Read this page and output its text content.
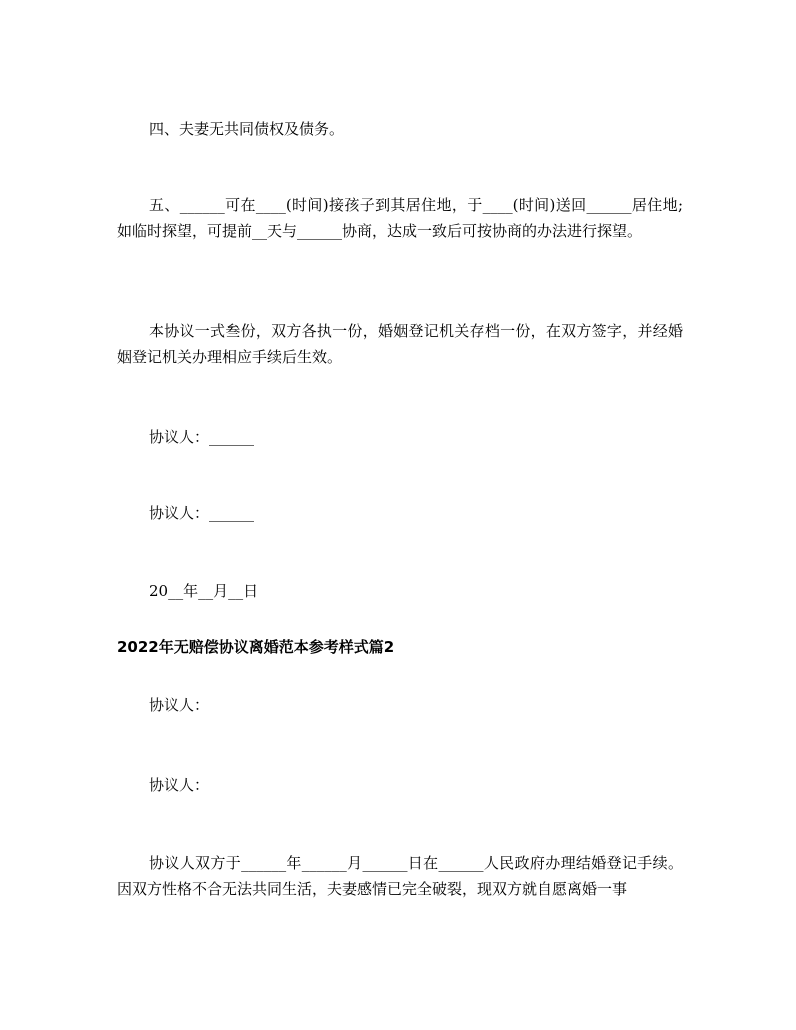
四、夫妻无共同债权及债务。

五、______可在____(时间)接孩子到其居住地，于____(时间)送回______居住地;如临时探望，可提前__天与______协商，达成一致后可按协商的办法进行探望。

本协议一式叁份，双方各执一份，婚姻登记机关存档一份，在双方签字，并经婚姻登记机关办理相应手续后生效。

协议人：______

协议人：______

20__年__月__日

2022年无赔偿协议离婚范本参考样式篇2

协议人：

协议人：

协议人双方于______年______月______日在______人民政府办理结婚登记手续。因双方性格不合无法共同生活，夫妻感情已完全破裂，现双方就自愿离婚一事
